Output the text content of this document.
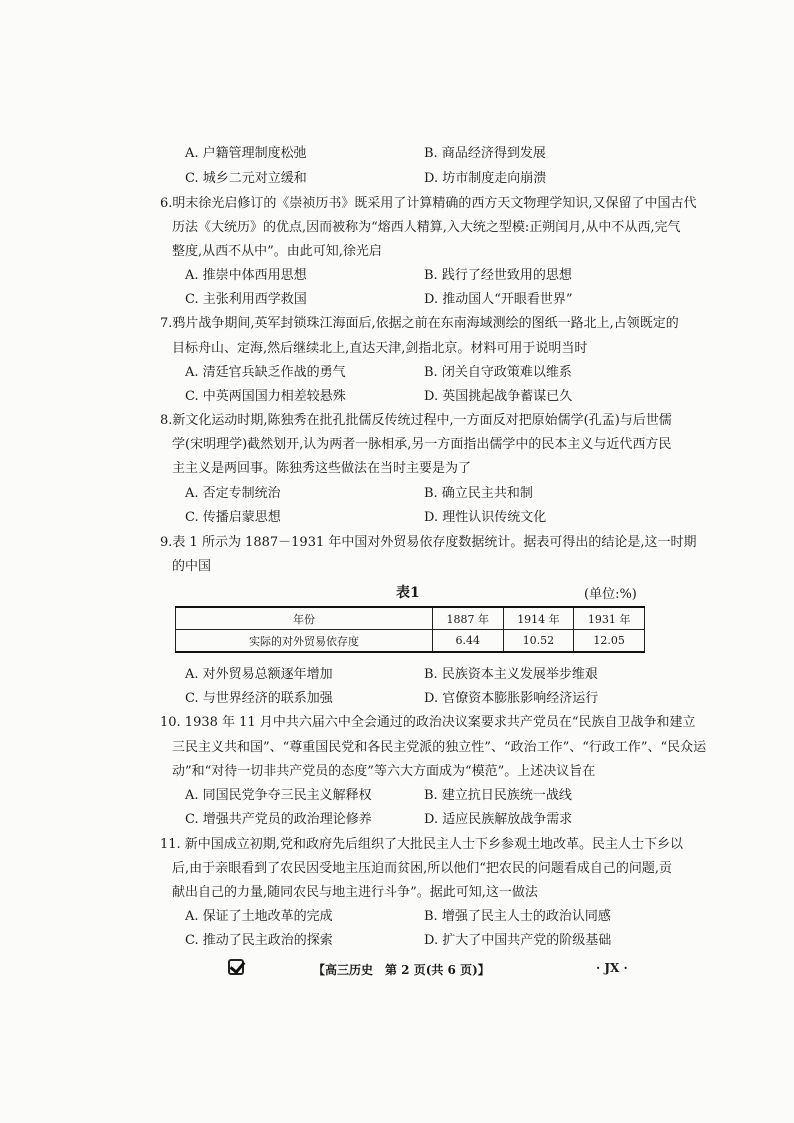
A. 户籍管理制度松弛	B. 商品经济得到发展
C. 城乡二元对立缓和	D. 坊市制度走向崩溃
6.明末徐光启修订的《崇祯历书》既采用了计算精确的西方天文物理学知识,又保留了中国古代
历法《大统历》的优点,因而被称为“熔西人精算,入大统之型模:正朔闰月,从中不从西,完气
整度,从西不从中”。由此可知,徐光启
A. 推崇中体西用思想	B. 践行了经世致用的思想
C. 主张利用西学救国	D. 推动国人“开眼看世界”
7.鸦片战争期间,英军封锁珠江海面后,依据之前在东南海域测绘的图纸一路北上,占领既定的
目标舟山、定海,然后继续北上,直达天津,剑指北京。材料可用于说明当时
A. 清廷官兵缺乏作战的勇气	B. 闭关自守政策难以维系
C. 中英两国国力相差较悬殊	D. 英国挑起战争蓄谋已久
8.新文化运动时期,陈独秀在批孔批儒反传统过程中,一方面反对把原始儒学(孔孟)与后世儒
学(宋明理学)截然划开,认为两者一脉相承,另一方面指出儒学中的民本主义与近代西方民
主主义是两回事。陈独秀这些做法在当时主要是为了
A. 否定专制统治	B. 确立民主共和制
C. 传播启蒙思想	D. 理性认识传统文化
9.表 1 所示为 1887－1931 年中国对外贸易依存度数据统计。据表可得出的结论是,这一时期
的中国
表1	(单位:%)
年份	1887 年	1914 年	1931 年
实际的对外贸易依存度	6.44	10.52	12.05
A. 对外贸易总额逐年增加	B. 民族资本主义发展举步维艰
C. 与世界经济的联系加强	D. 官僚资本膨胀影响经济运行
10. 1938 年 11 月中共六届六中全会通过的政治决议案要求共产党员在“民族自卫战争和建立
三民主义共和国”、“尊重国民党和各民主党派的独立性”、“政治工作”、“行政工作”、“民众运
动”和“对待一切非共产党员的态度”等六大方面成为“模范”。上述决议旨在
A. 同国民党争夺三民主义解释权	B. 建立抗日民族统一战线
C. 增强共产党员的政治理论修养	D. 适应民族解放战争需求
11. 新中国成立初期,党和政府先后组织了大批民主人士下乡参观土地改革。民主人士下乡以
后,由于亲眼看到了农民因受地主压迫而贫困,所以他们“把农民的问题看成自己的问题,贡
献出自己的力量,随同农民与地主进行斗争”。据此可知,这一做法
A. 保证了土地改革的完成	B. 增强了民主人士的政治认同感
C. 推动了民主政治的探索	D. 扩大了中国共产党的阶级基础
【高三历史　第 2 页(共 6 页)】	· JX ·
